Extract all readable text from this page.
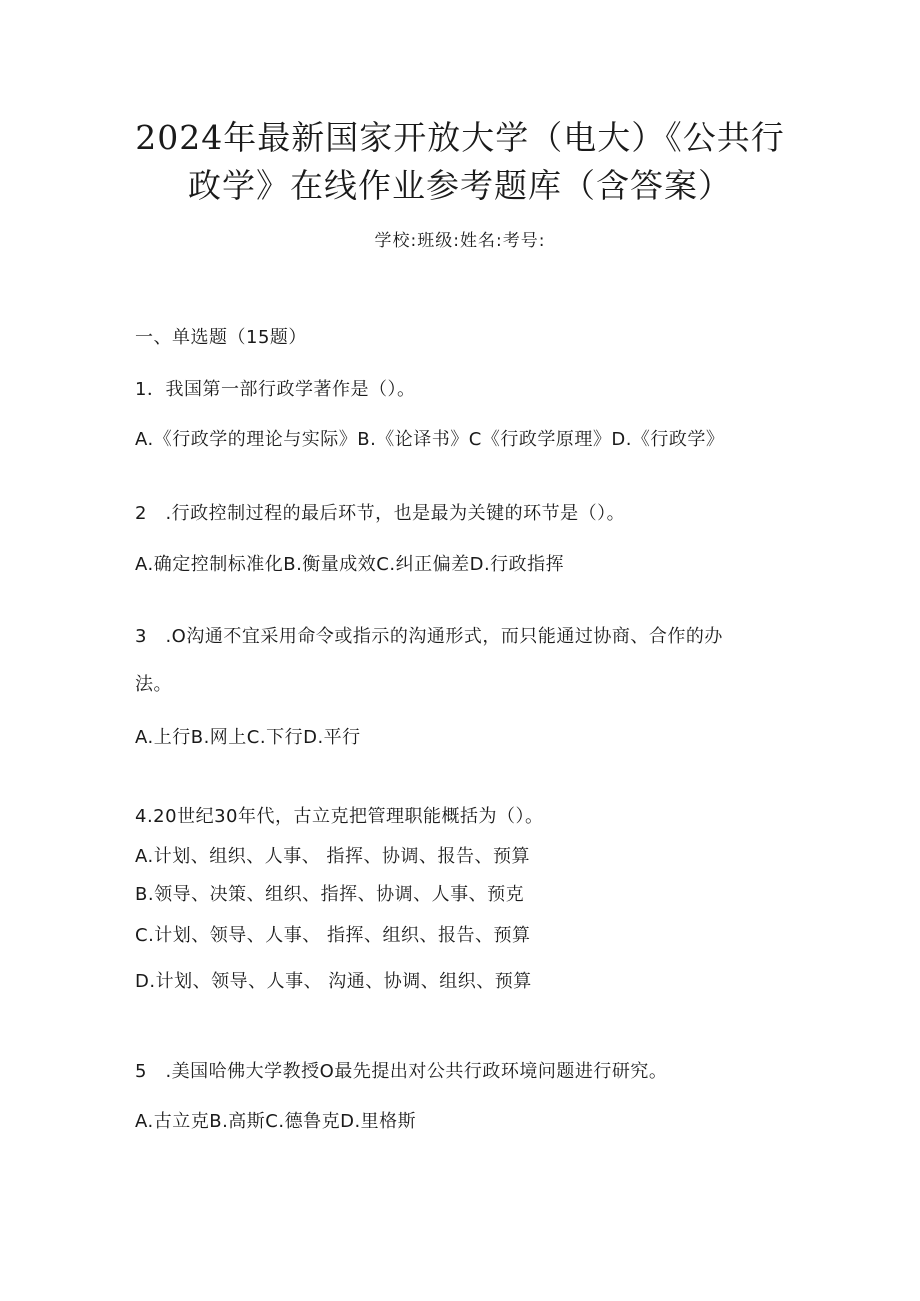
2024年最新国家开放大学（电大）《公共行
政学》在线作业参考题库（含答案）
学校:班级:姓名:考号:
一、单选题（15题）
1．我国第一部行政学著作是（）。
A.《行政学的理论与实际》B.《论译书》C《行政学原理》D.《行政学》
2　.行政控制过程的最后环节，也是最为关键的环节是（）。
A.确定控制标准化B.衡量成效C.纠正偏差D.行政指挥
3　.O沟通不宜采用命令或指示的沟通形式，而只能通过协商、合作的办
法。
A.上行B.网上C.下行D.平行
4.20世纪30年代，古立克把管理职能概括为（）。
A.计划、组织、人事、 指挥、协调、报告、预算
B.领导、决策、组织、指挥、协调、人事、预克
C.计划、领导、人事、 指挥、组织、报告、预算
D.计划、领导、人事、 沟通、协调、组织、预算
5　.美国哈佛大学教授O最先提出对公共行政环境问题进行研究。
A.古立克B.高斯C.德鲁克D.里格斯
